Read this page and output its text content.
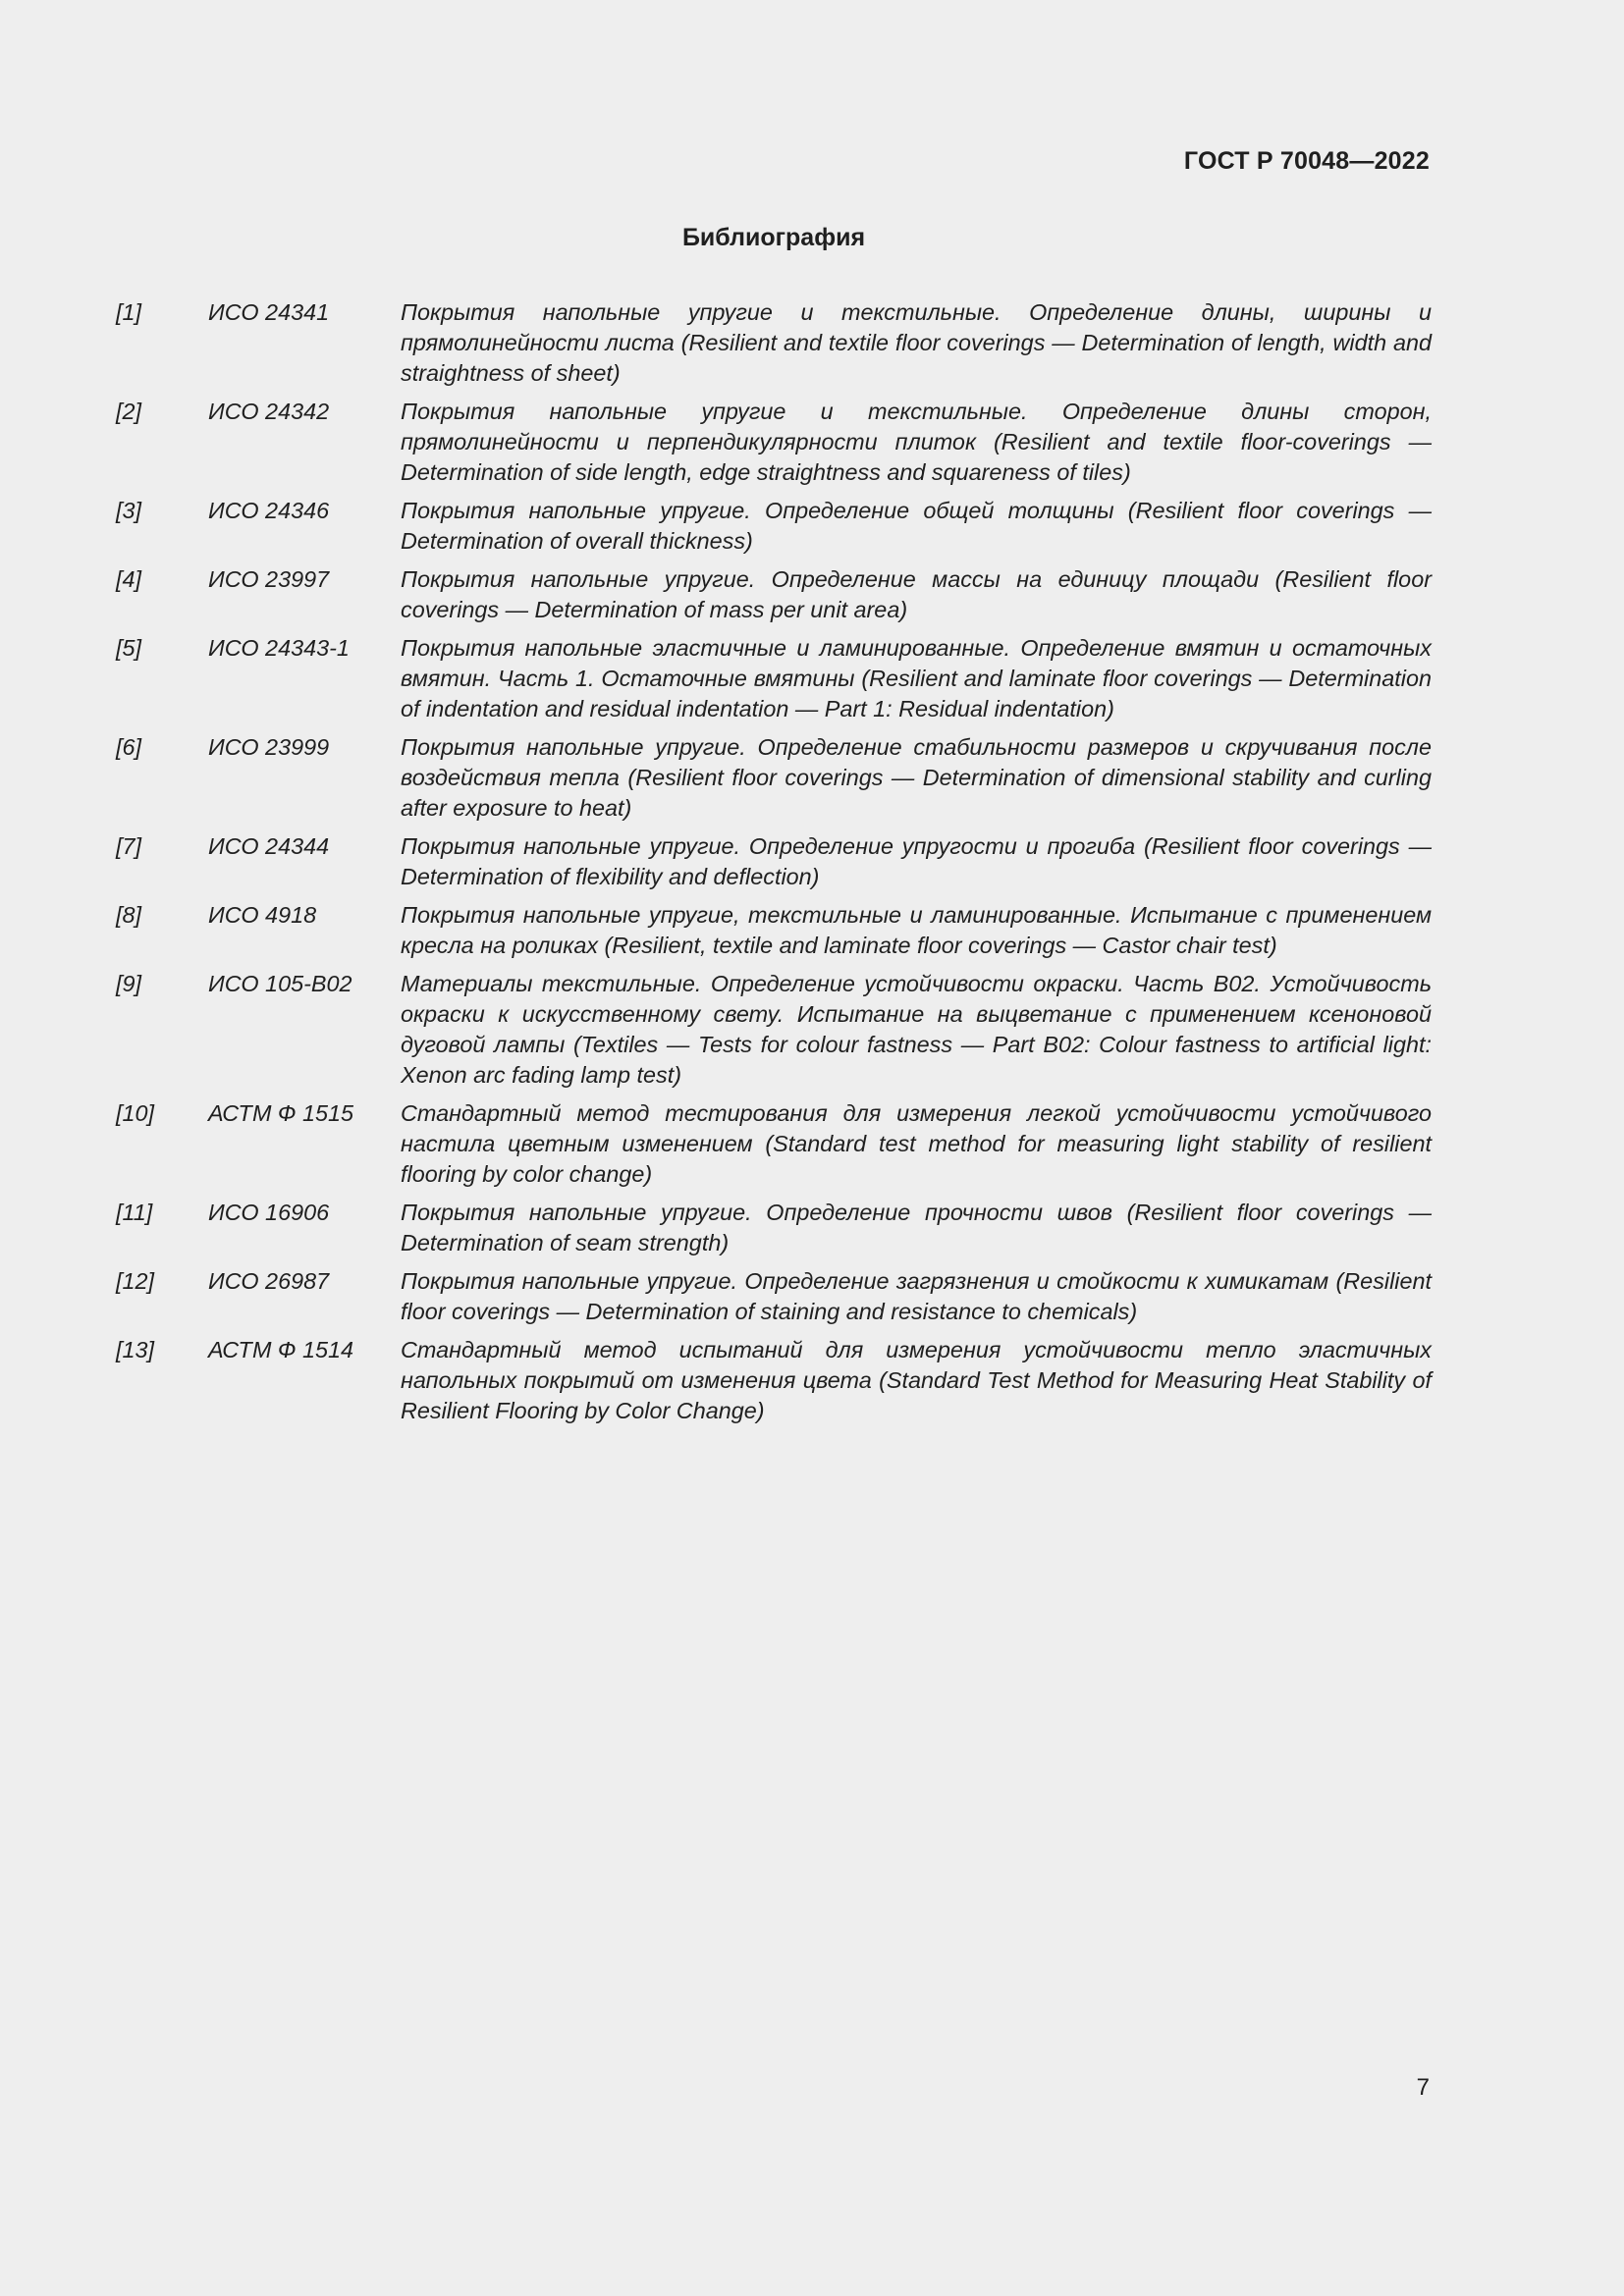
ГОСТ Р 70048—2022
Библиография
[1]	ИСО 24341	Покрытия напольные упругие и текстильные. Определение длины, ширины и прямолинейности листа (Resilient and textile floor coverings — Determination of length, width and straightness of sheet)
[2]	ИСО 24342	Покрытия напольные упругие и текстильные. Определение длины сторон, прямолинейности и перпендикулярности плиток (Resilient and textile floor-coverings — Determination of side length, edge straightness and squareness of tiles)
[3]	ИСО 24346	Покрытия напольные упругие. Определение общей толщины (Resilient floor coverings — Determination of overall thickness)
[4]	ИСО 23997	Покрытия напольные упругие. Определение массы на единицу площади (Resilient floor coverings — Determination of mass per unit area)
[5]	ИСО 24343-1	Покрытия напольные эластичные и ламинированные. Определение вмятин и остаточных вмятин. Часть 1. Остаточные вмятины (Resilient and laminate floor coverings — Determination of indentation and residual indentation — Part 1: Residual indentation)
[6]	ИСО 23999	Покрытия напольные упругие. Определение стабильности размеров и скручивания после воздействия тепла (Resilient floor coverings — Determination of dimensional stability and curling after exposure to heat)
[7]	ИСО 24344	Покрытия напольные упругие. Определение упругости и прогиба (Resilient floor coverings — Determination of flexibility and deflection)
[8]	ИСО 4918	Покрытия напольные упругие, текстильные и ламинированные. Испытание с применением кресла на роликах (Resilient, textile and laminate floor coverings — Castor chair test)
[9]	ИСО 105-В02	Материалы текстильные. Определение устойчивости окраски. Часть В02. Устойчивость окраски к искусственному свету. Испытание на выцветание с применением ксеноновой дуговой лампы (Textiles — Tests for colour fastness — Part B02: Colour fastness to artificial light: Xenon arc fading lamp test)
[10]	АСТМ Ф 1515	Стандартный метод тестирования для измерения легкой устойчивости устойчивого настила цветным изменением (Standard test method for measuring light stability of resilient flooring by color change)
[11]	ИСО 16906	Покрытия напольные упругие. Определение прочности швов (Resilient floor coverings — Determination of seam strength)
[12]	ИСО 26987	Покрытия напольные упругие. Определение загрязнения и стойкости к химикатам (Resilient floor coverings — Determination of staining and resistance to chemicals)
[13]	АСТМ Ф 1514	Стандартный метод испытаний для измерения устойчивости тепло эластичных напольных покрытий от изменения цвета (Standard Test Method for Measuring Heat Stability of Resilient Flooring by Color Change)
7
